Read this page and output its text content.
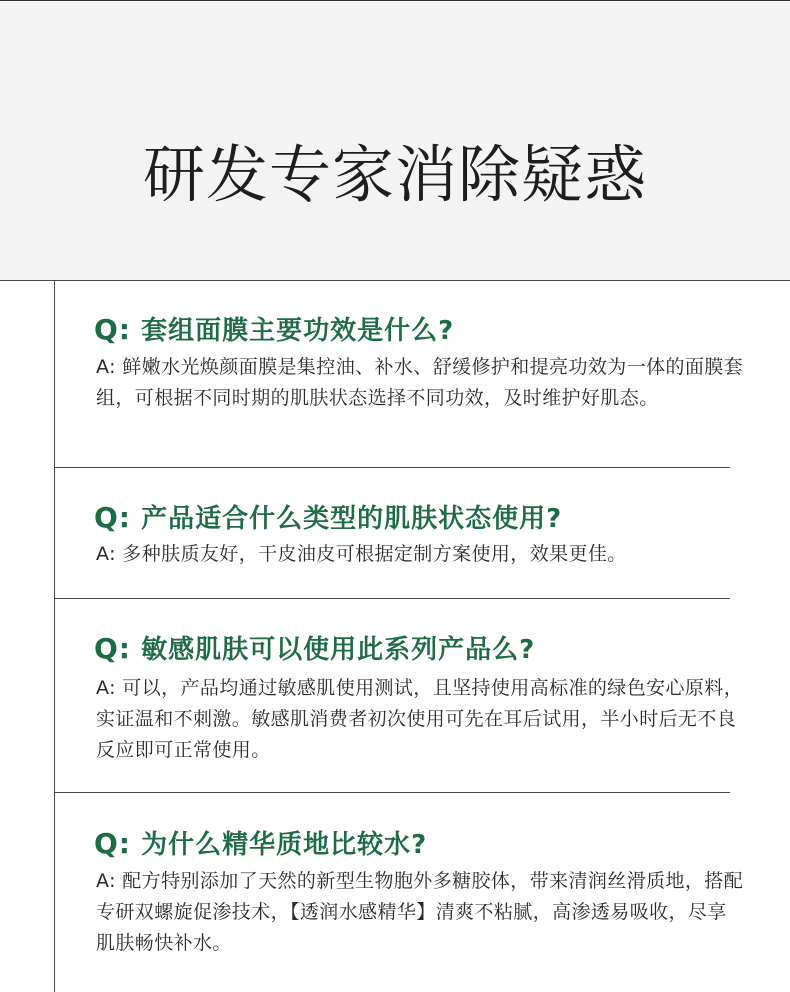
研发专家消除疑惑
Q: 套组面膜主要功效是什么?
A: 鲜嫩水光焕颜面膜是集控油、补水、舒缓修护和提亮功效为一体的面膜套组，可根据不同时期的肌肤状态选择不同功效，及时维护好肌态。
Q: 产品适合什么类型的肌肤状态使用?
A: 多种肤质友好，干皮油皮可根据定制方案使用，效果更佳。
Q: 敏感肌肤可以使用此系列产品么?
A: 可以，产品均通过敏感肌使用测试，且坚持使用高标准的绿色安心原料，实证温和不刺激。敏感肌消费者初次使用可先在耳后试用，半小时后无不良反应即可正常使用。
Q: 为什么精华质地比较水?
A: 配方特别添加了天然的新型生物胞外多糖胶体，带来清润丝滑质地，搭配专研双螺旋促渗技术，【透润水感精华】清爽不粘腻，高渗透易吸收，尽享肌肤畅快补水。
